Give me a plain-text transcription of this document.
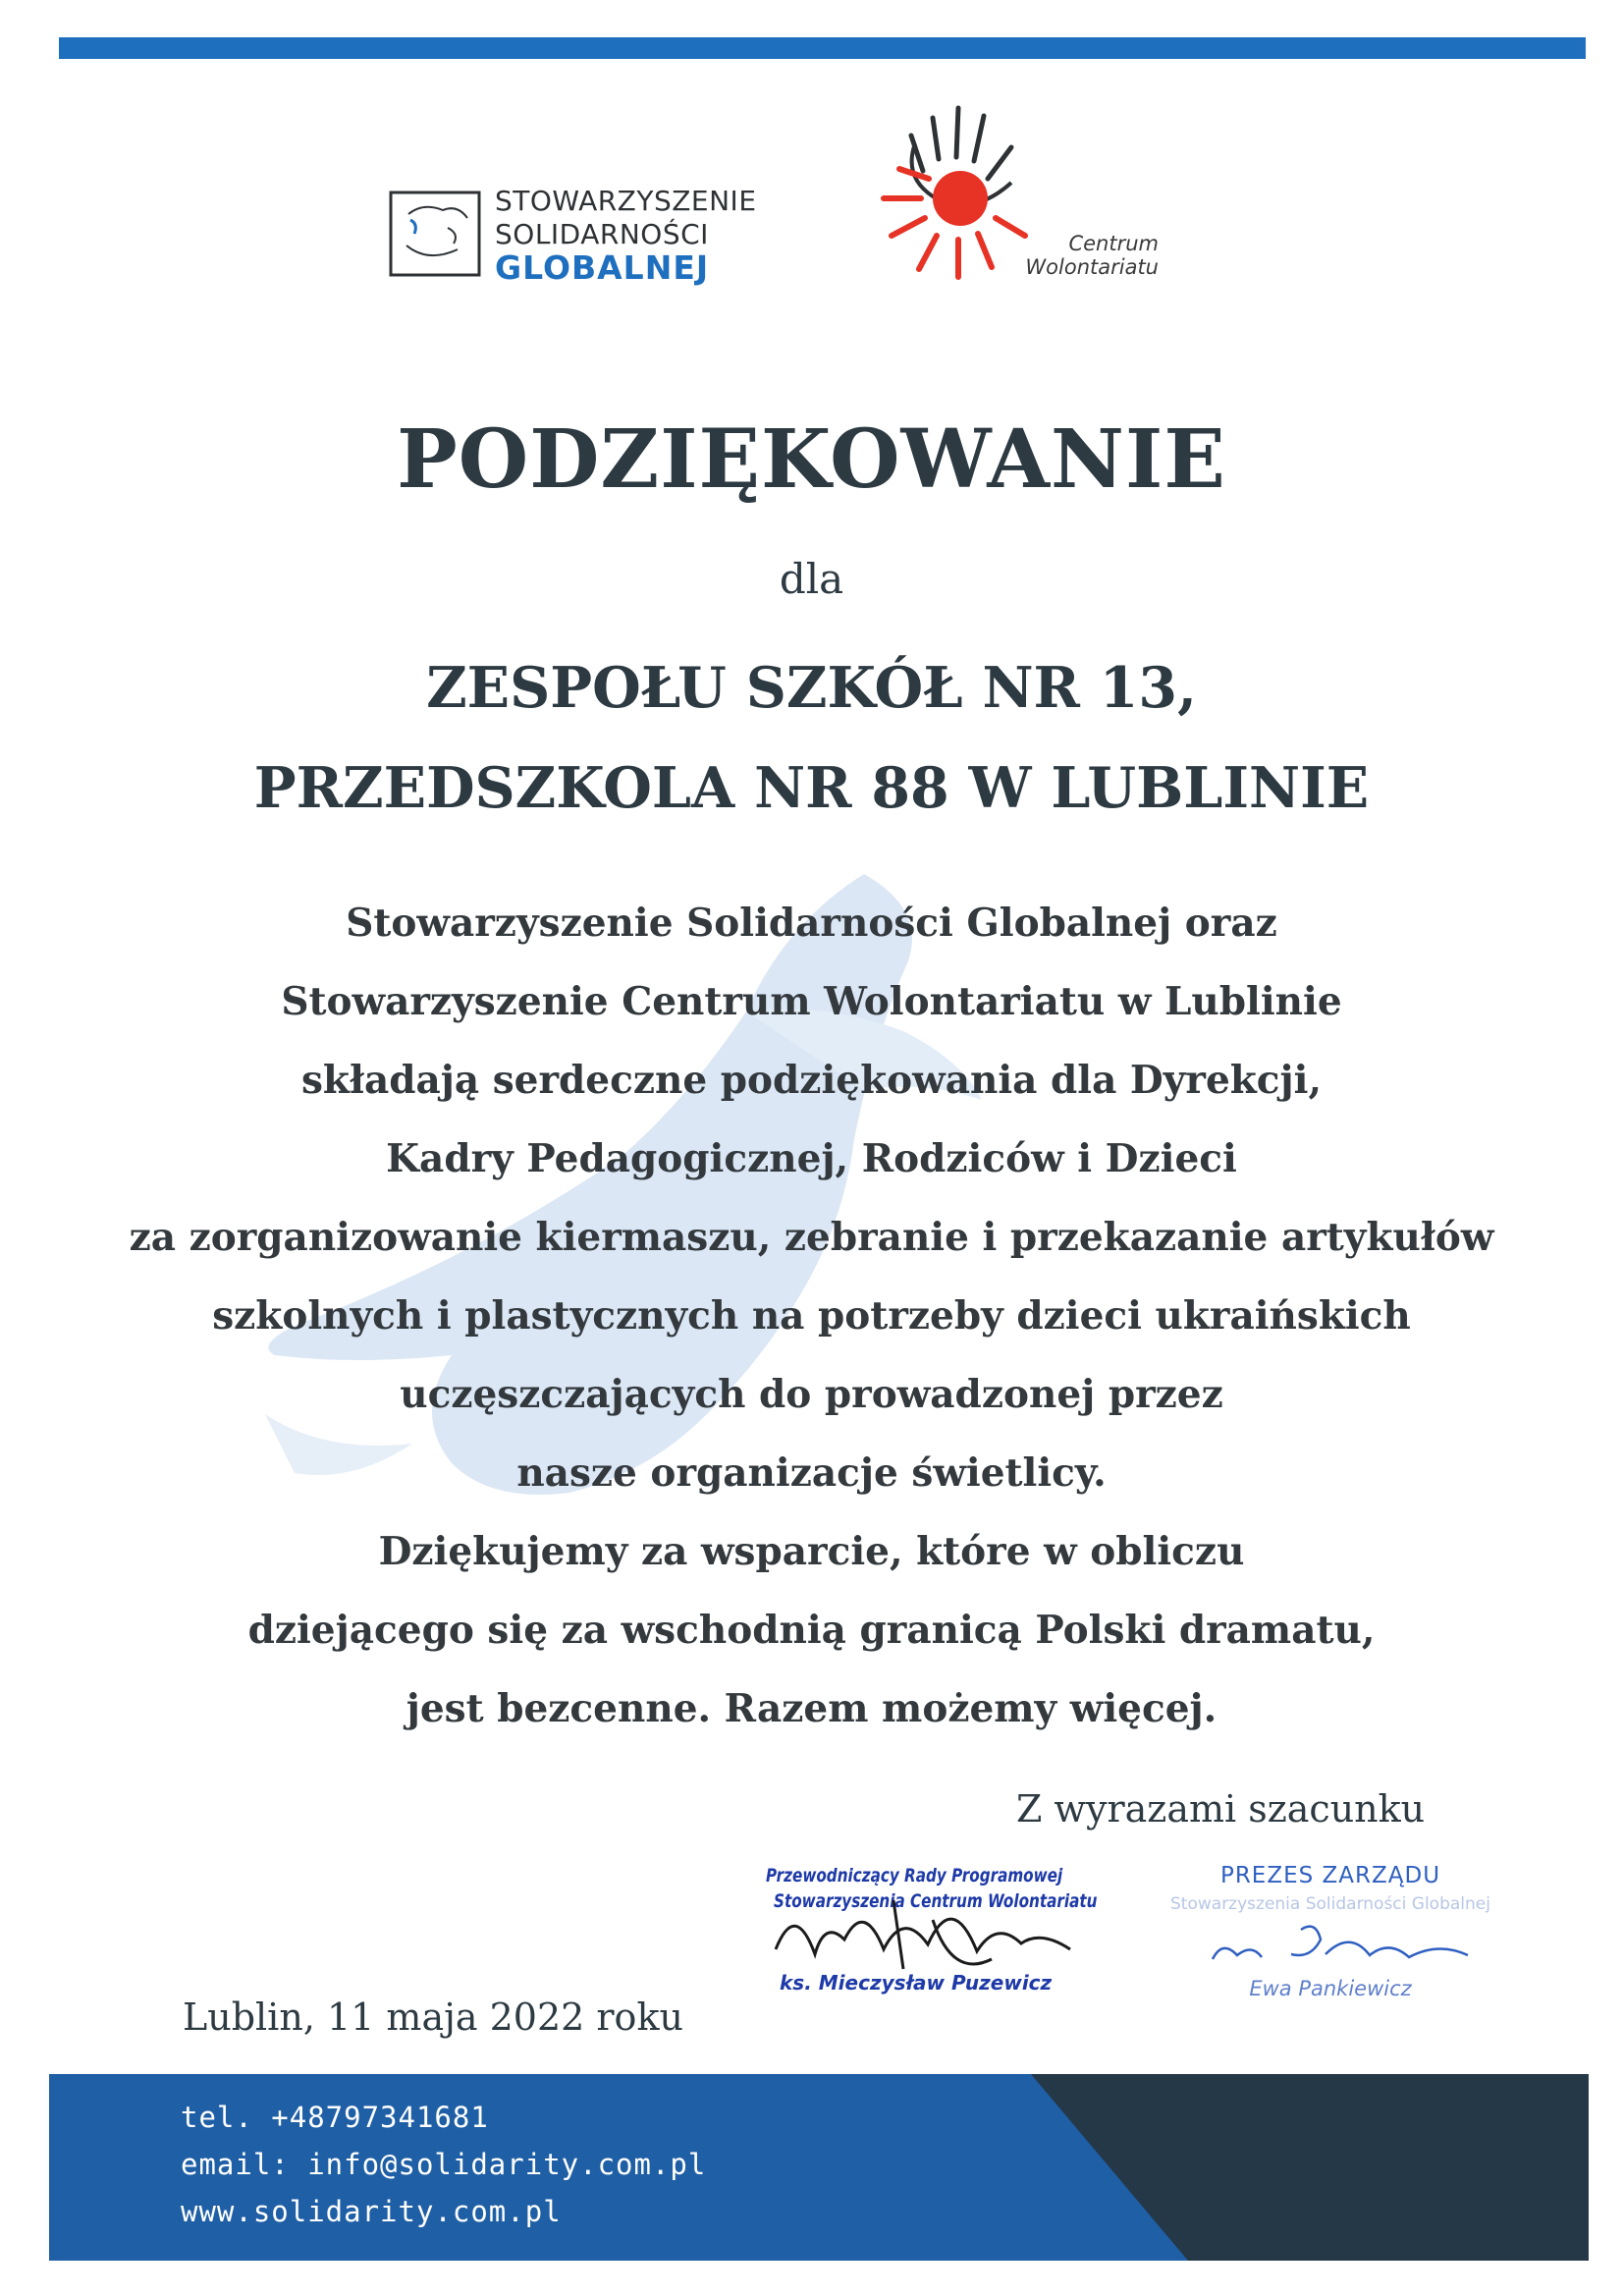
STOWARZYSZENIE
SOLIDARNOŚCI
GLOBALNEJ
Centrum
Wolontariatu
PODZIĘKOWANIE
dla
ZESPOŁU SZKÓŁ NR 13,
PRZEDSZKOLA NR 88 W LUBLINIE
Stowarzyszenie Solidarności Globalnej oraz
Stowarzyszenie Centrum Wolontariatu w Lublinie
składają serdeczne podziękowania dla Dyrekcji,
Kadry Pedagogicznej, Rodziców i Dzieci
za zorganizowanie kiermaszu, zebranie i przekazanie artykułów
szkolnych i plastycznych na potrzeby dzieci ukraińskich
uczęszczających do prowadzonej przez
nasze organizacje świetlicy.
Dziękujemy za wsparcie, które w obliczu
dziejącego się za wschodnią granicą Polski dramatu,
jest bezcenne. Razem możemy więcej.
Z wyrazami szacunku
Przewodniczący Rady Programowej
Stowarzyszenia Centrum Wolontariatu
ks. Mieczysław Puzewicz
PREZES ZARZĄDU
Stowarzyszenia Solidarności Globalnej
Ewa Pankiewicz
Lublin, 11 maja 2022 roku
tel. +48797341681
email: info@solidarity.com.pl
www.solidarity.com.pl
